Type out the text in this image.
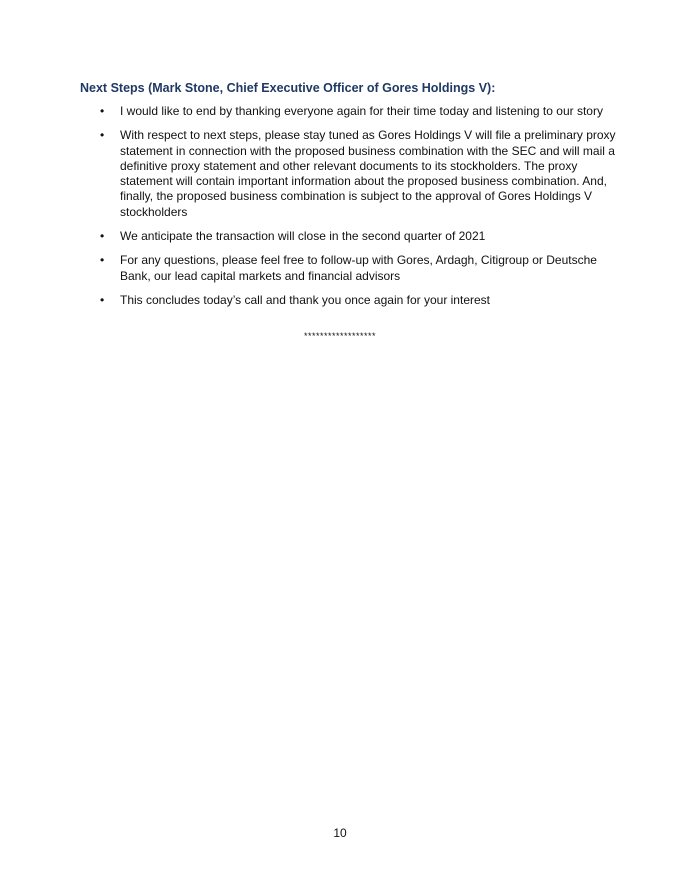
Next Steps (Mark Stone, Chief Executive Officer of Gores Holdings V):
• I would like to end by thanking everyone again for their time today and listening to our story
• With respect to next steps, please stay tuned as Gores Holdings V will file a preliminary proxy statement in connection with the proposed business combination with the SEC and will mail a definitive proxy statement and other relevant documents to its stockholders. The proxy statement will contain important information about the proposed business combination. And, finally, the proposed business combination is subject to the approval of Gores Holdings V stockholders
• We anticipate the transaction will close in the second quarter of 2021
• For any questions, please feel free to follow-up with Gores, Ardagh, Citigroup or Deutsche Bank, our lead capital markets and financial advisors
• This concludes today’s call and thank you once again for your interest
******************
10
